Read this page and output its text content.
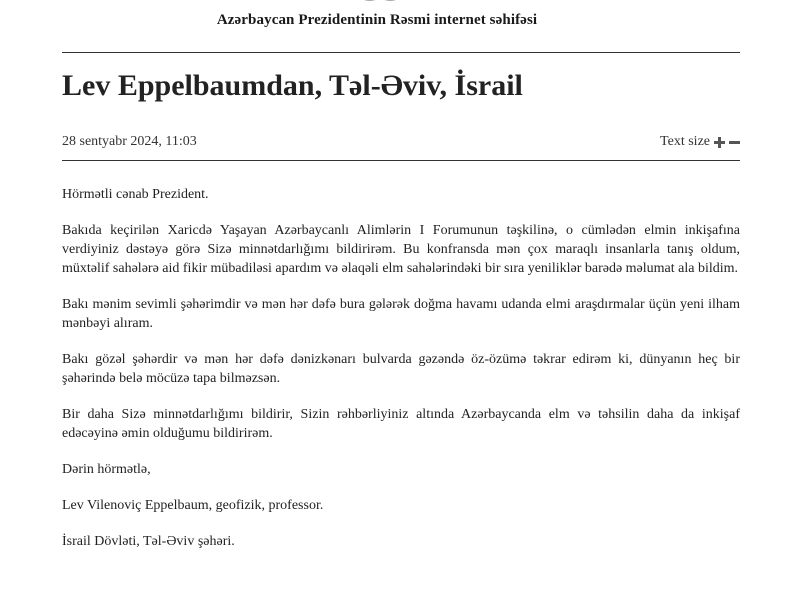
Azərbaycan Prezidentinin Rəsmi internet səhifəsi
Lev Eppelbaumdan, Təl-Əviv, İsrail
28 sentyabr 2024, 11:03	Text size

Hörmətli cənab Prezident.

Bakıda keçirilən Xaricdə Yaşayan Azərbaycanlı Alimlərin I Forumunun təşkilinə, o cümlədən elmin inkişafına verdiyiniz dəstəyə görə Sizə minnətdarlığımı bildirirəm. Bu konfransda mən çox maraqlı insanlarla tanış oldum, müxtəlif sahələrə aid fikir mübadiləsi apardım və əlaqəli elm sahələrindəki bir sıra yeniliklər barədə məlumat ala bildim.

Bakı mənim sevimli şəhərimdir və mən hər dəfə bura gələrək doğma havamı udanda elmi araşdırmalar üçün yeni ilham mənbəyi alıram.

Bakı gözəl şəhərdir və mən hər dəfə dənizkənarı bulvarda gəzəndə öz-özümə təkrar edirəm ki, dünyanın heç bir şəhərində belə möcüzə tapa bilməzsən.

Bir daha Sizə minnətdarlığımı bildirir, Sizin rəhbərliyiniz altında Azərbaycanda elm və təhsilin daha da inkişaf edəcəyinə əmin olduğumu bildirirəm.

Dərin hörmətlə,

Lev Vilenoviç Eppelbaum, geofizik, professor.

İsrail Dövləti, Təl-Əviv şəhəri.
